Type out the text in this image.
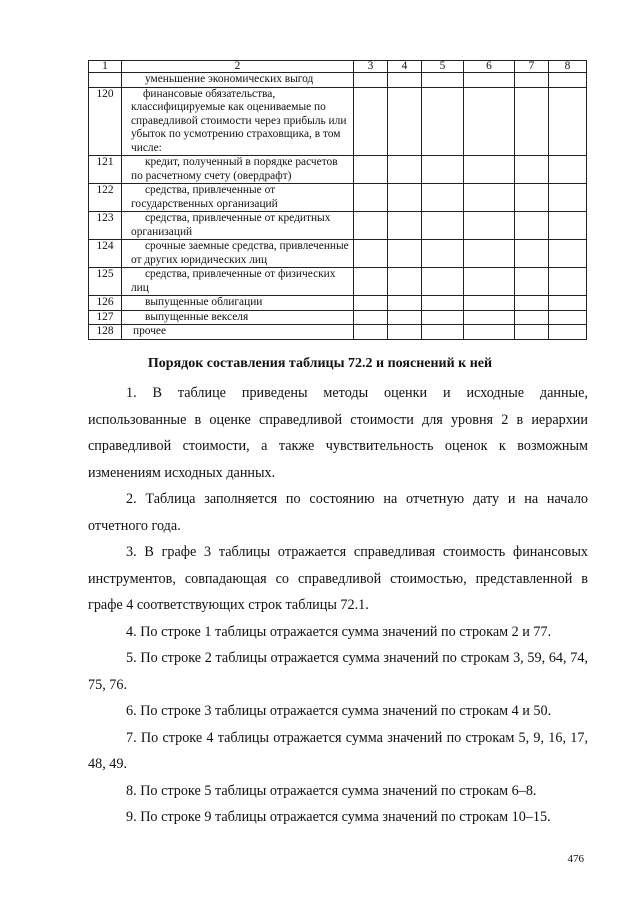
1	2	3	4	5	6	7	8
	уменьшение экономических выгод						
120	финансовые обязательства, классифицируемые как оцениваемые по справедливой стоимости через прибыль или убыток по усмотрению страховщика, в том числе:						
121	кредит, полученный в порядке расчетов по расчетному счету (овердрафт)						
122	средства, привлеченные от государственных организаций						
123	средства, привлеченные от кредитных организаций						
124	срочные заемные средства, привлеченные от других юридических лиц						
125	средства, привлеченные от физических лиц						
126	выпущенные облигации						
127	выпущенные векселя						
128	прочее						
Порядок составления таблицы 72.2 и пояснений к ней

1. В таблице приведены методы оценки и исходные данные, использованные в оценке справедливой стоимости для уровня 2 в иерархии справедливой стоимости, а также чувствительность оценок к возможным изменениям исходных данных.

2. Таблица заполняется по состоянию на отчетную дату и на начало отчетного года.

3. В графе 3 таблицы отражается справедливая стоимость финансовых инструментов, совпадающая со справедливой стоимостью, представленной в графе 4 соответствующих строк таблицы 72.1.

4. По строке 1 таблицы отражается сумма значений по строкам 2 и 77.

5. По строке 2 таблицы отражается сумма значений по строкам 3, 59, 64, 74, 75, 76.

6. По строке 3 таблицы отражается сумма значений по строкам 4 и 50.

7. По строке 4 таблицы отражается сумма значений по строкам 5, 9, 16, 17, 48, 49.

8. По строке 5 таблицы отражается сумма значений по строкам 6–8.

9. По строке 9 таблицы отражается сумма значений по строкам 10–15.

476
